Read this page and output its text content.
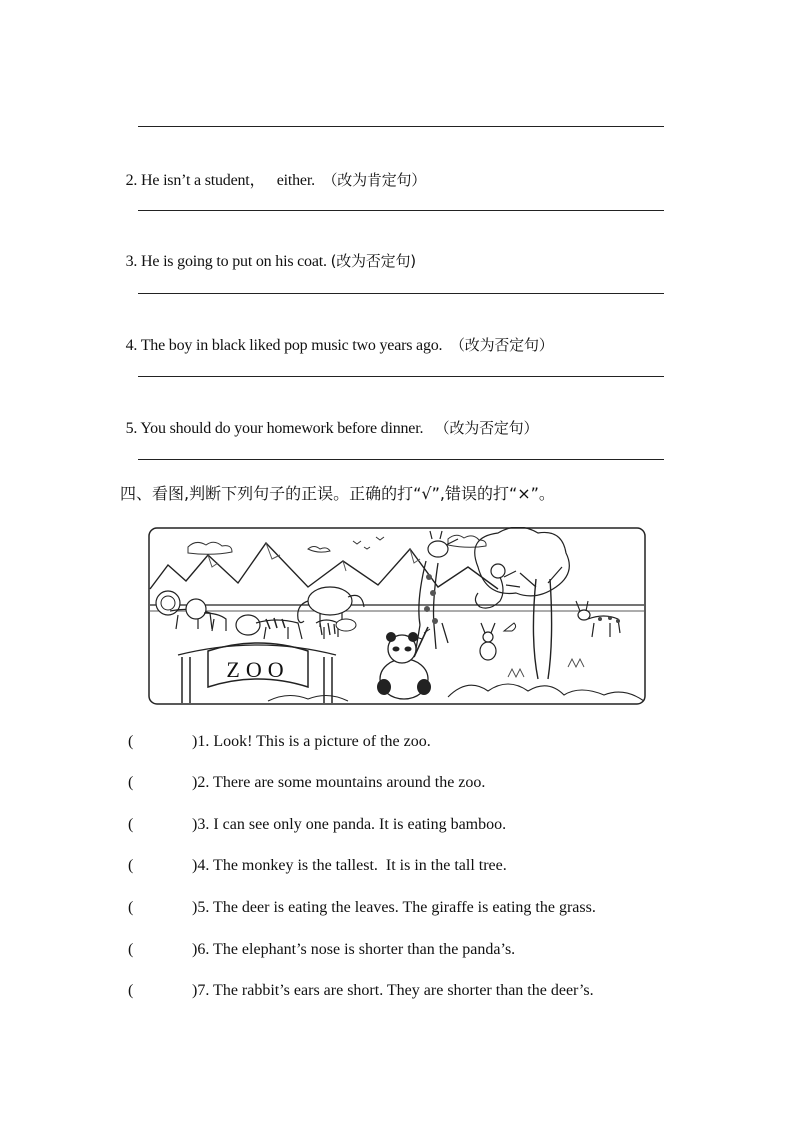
2. He isn’t a student，   either. （改为肯定句）

3. He is going to put on his coat. (改为否定句)

4. The boy in black liked pop music two years ago. （改为否定句）

5. You should do your homework before dinner. （改为否定句）

四、看图,判断下列句子的正误。正确的打“√”,错误的打“×”。
ZOO
(	)1. Look! This is a picture of the zoo.
(	)2. There are some mountains around the zoo.
(	)3. I can see only one panda. It is eating bamboo.
(	)4. The monkey is the tallest.  It is in the tall tree.
(	)5. The deer is eating the leaves. The giraffe is eating the grass.
(	)6. The elephant’s nose is shorter than the panda’s.
(	)7. The rabbit’s ears are short. They are shorter than the deer’s.
